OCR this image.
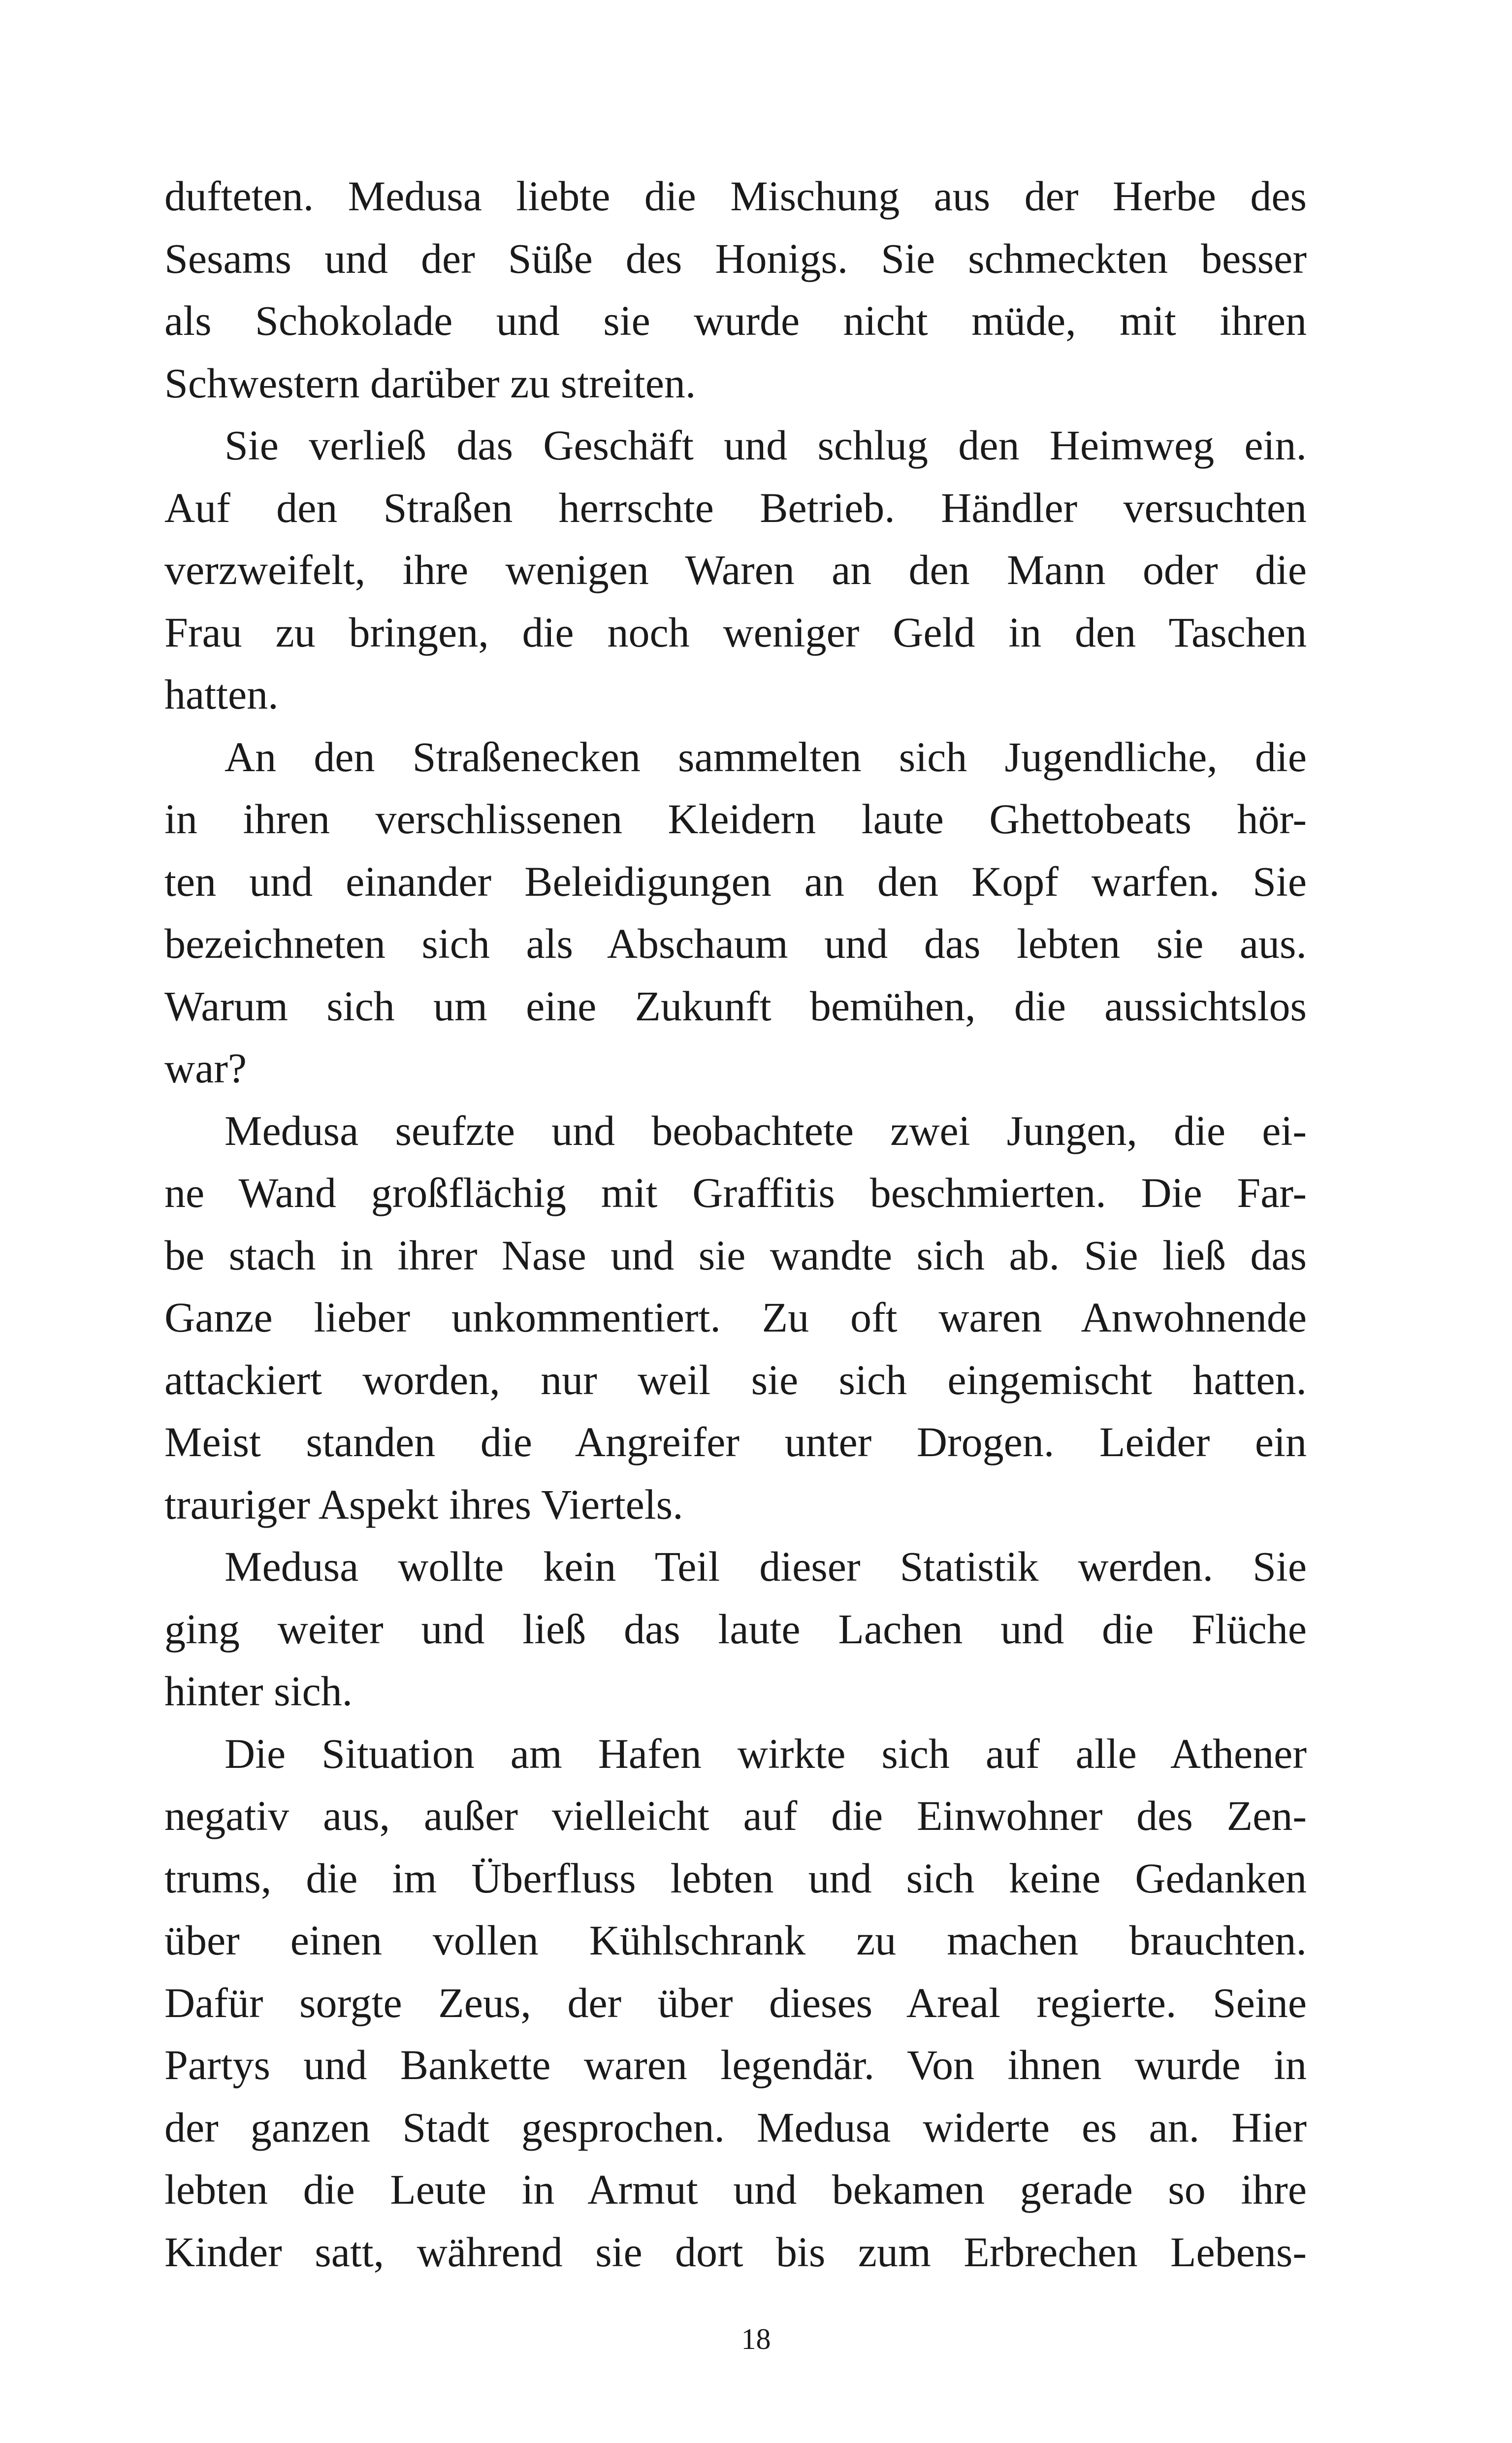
dufteten. Medusa liebte die Mischung aus der Herbe des
Sesams und der Süße des Honigs. Sie schmeckten besser
als Schokolade und sie wurde nicht müde, mit ihren
Schwestern darüber zu streiten.
Sie verließ das Geschäft und schlug den Heimweg ein.
Auf den Straßen herrschte Betrieb. Händler versuchten
verzweifelt, ihre wenigen Waren an den Mann oder die
Frau zu bringen, die noch weniger Geld in den Taschen
hatten.
An den Straßenecken sammelten sich Jugendliche, die
in ihren verschlissenen Kleidern laute Ghettobeats hör-
ten und einander Beleidigungen an den Kopf warfen. Sie
bezeichneten sich als Abschaum und das lebten sie aus.
Warum sich um eine Zukunft bemühen, die aussichtslos
war?
Medusa seufzte und beobachtete zwei Jungen, die ei-
ne Wand großflächig mit Graffitis beschmierten. Die Far-
be stach in ihrer Nase und sie wandte sich ab. Sie ließ das
Ganze lieber unkommentiert. Zu oft waren Anwohnende
attackiert worden, nur weil sie sich eingemischt hatten.
Meist standen die Angreifer unter Drogen. Leider ein
trauriger Aspekt ihres Viertels.
Medusa wollte kein Teil dieser Statistik werden. Sie
ging weiter und ließ das laute Lachen und die Flüche
hinter sich.
Die Situation am Hafen wirkte sich auf alle Athener
negativ aus, außer vielleicht auf die Einwohner des Zen-
trums, die im Überfluss lebten und sich keine Gedanken
über einen vollen Kühlschrank zu machen brauchten.
Dafür sorgte Zeus, der über dieses Areal regierte. Seine
Partys und Bankette waren legendär. Von ihnen wurde in
der ganzen Stadt gesprochen. Medusa widerte es an. Hier
lebten die Leute in Armut und bekamen gerade so ihre
Kinder satt, während sie dort bis zum Erbrechen Lebens-
18
